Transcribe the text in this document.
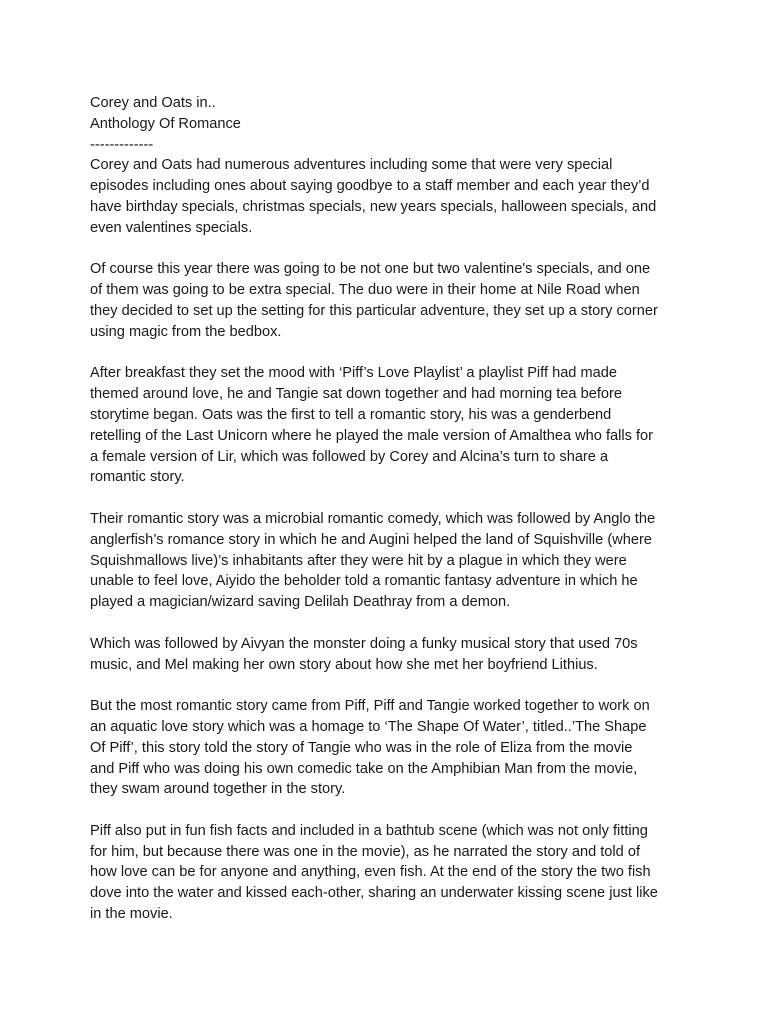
Corey and Oats in..
Anthology Of Romance
-------------
Corey and Oats had numerous adventures including some that were very special
episodes including ones about saying goodbye to a staff member and each year they’d
have birthday specials, christmas specials, new years specials, halloween specials, and
even valentines specials.
Of course this year there was going to be not one but two valentine's specials, and one
of them was going to be extra special. The duo were in their home at Nile Road when
they decided to set up the setting for this particular adventure, they set up a story corner
using magic from the bedbox.
After breakfast they set the mood with ‘Piff’s Love Playlist’ a playlist Piff had made
themed around love, he and Tangie sat down together and had morning tea before
storytime began. Oats was the first to tell a romantic story, his was a genderbend
retelling of the Last Unicorn where he played the male version of Amalthea who falls for
a female version of Lir, which was followed by Corey and Alcina’s turn to share a
romantic story.
Their romantic story was a microbial romantic comedy, which was followed by Anglo the
anglerfish’s romance story in which he and Augini helped the land of Squishville (where
Squishmallows live)’s inhabitants after they were hit by a plague in which they were
unable to feel love, Aiyido the beholder told a romantic fantasy adventure in which he
played a magician/wizard saving Delilah Deathray from a demon.
Which was followed by Aivyan the monster doing a funky musical story that used 70s
music, and Mel making her own story about how she met her boyfriend Lithius.
But the most romantic story came from Piff, Piff and Tangie worked together to work on
an aquatic love story which was a homage to ‘The Shape Of Water’, titled..’The Shape
Of Piff’, this story told the story of Tangie who was in the role of Eliza from the movie
and Piff who was doing his own comedic take on the Amphibian Man from the movie,
they swam around together in the story.
Piff also put in fun fish facts and included in a bathtub scene (which was not only fitting
for him, but because there was one in the movie), as he narrated the story and told of
how love can be for anyone and anything, even fish. At the end of the story the two fish
dove into the water and kissed each-other, sharing an underwater kissing scene just like
in the movie.
